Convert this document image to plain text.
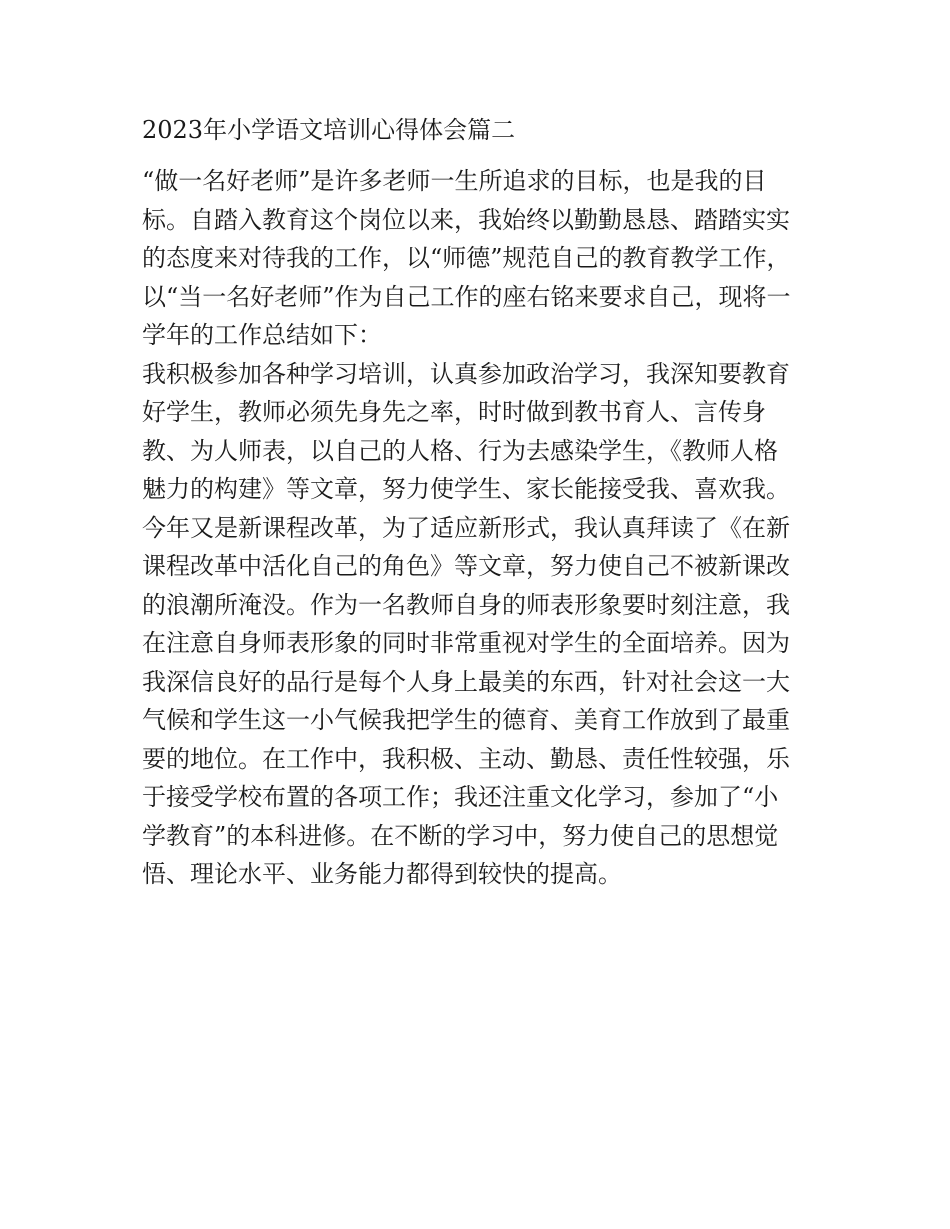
2023年小学语文培训心得体会篇二
“做一名好老师”是许多老师一生所追求的目标，也是我的目
标。自踏入教育这个岗位以来，我始终以勤勤恳恳、踏踏实实
的态度来对待我的工作，以“师德”规范自己的教育教学工作，
以“当一名好老师”作为自己工作的座右铭来要求自己，现将一
学年的工作总结如下：
我积极参加各种学习培训，认真参加政治学习，我深知要教育
好学生，教师必须先身先之率，时时做到教书育人、言传身
教、为人师表，以自己的人格、行为去感染学生，《教师人格
魅力的构建》等文章，努力使学生、家长能接受我、喜欢我。
今年又是新课程改革，为了适应新形式，我认真拜读了《在新
课程改革中活化自己的角色》等文章，努力使自己不被新课改
的浪潮所淹没。作为一名教师自身的师表形象要时刻注意，我
在注意自身师表形象的同时非常重视对学生的全面培养。因为
我深信良好的品行是每个人身上最美的东西，针对社会这一大
气候和学生这一小气候我把学生的德育、美育工作放到了最重
要的地位。在工作中，我积极、主动、勤恳、责任性较强，乐
于接受学校布置的各项工作；我还注重文化学习，参加了“小
学教育”的本科进修。在不断的学习中，努力使自己的思想觉
悟、理论水平、业务能力都得到较快的提高。
